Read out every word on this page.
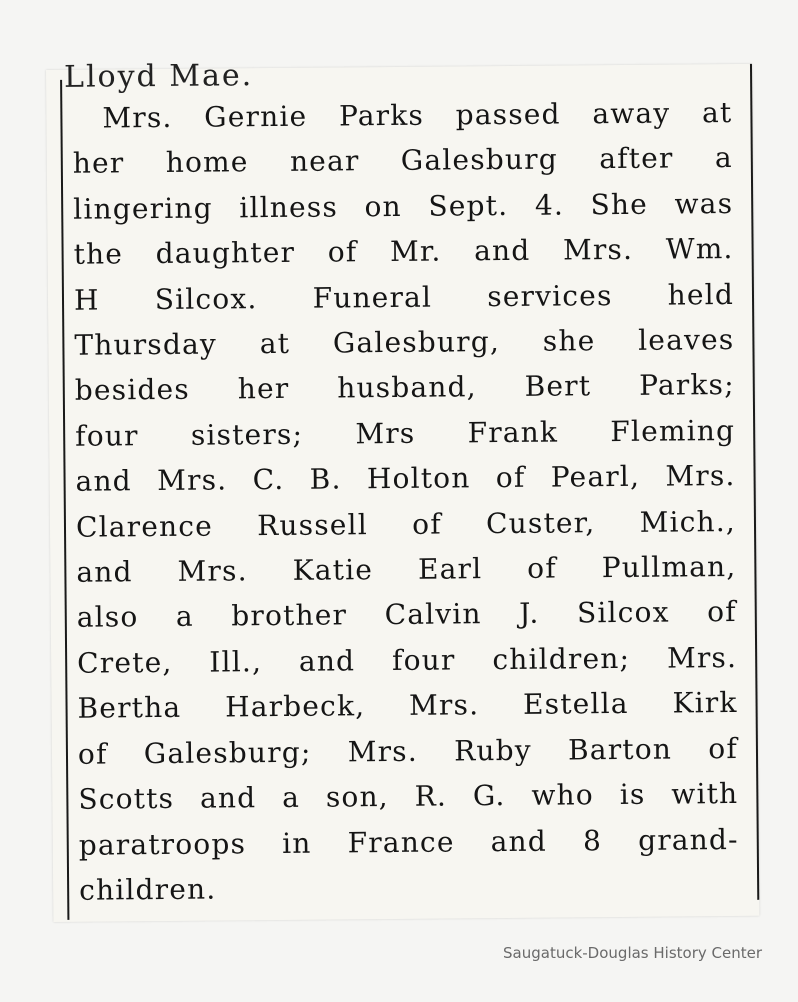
Lloyd Mae.
Mrs. Gernie Parks passed away at
her home near Galesburg after a
lingering illness on Sept. 4. She was
the daughter of Mr. and Mrs. Wm.
H Silcox. Funeral services held
Thursday at Galesburg, she leaves
besides her husband, Bert Parks;
four sisters; Mrs Frank Fleming
and Mrs. C. B. Holton of Pearl, Mrs.
Clarence Russell of Custer, Mich.,
and Mrs. Katie Earl of Pullman,
also a brother Calvin J. Silcox of
Crete, Ill., and four children; Mrs.
Bertha Harbeck, Mrs. Estella Kirk
of Galesburg; Mrs. Ruby Barton of
Scotts and a son, R. G. who is with
paratroops in France and 8 grand-
children.
Saugatuck-Douglas History Center
